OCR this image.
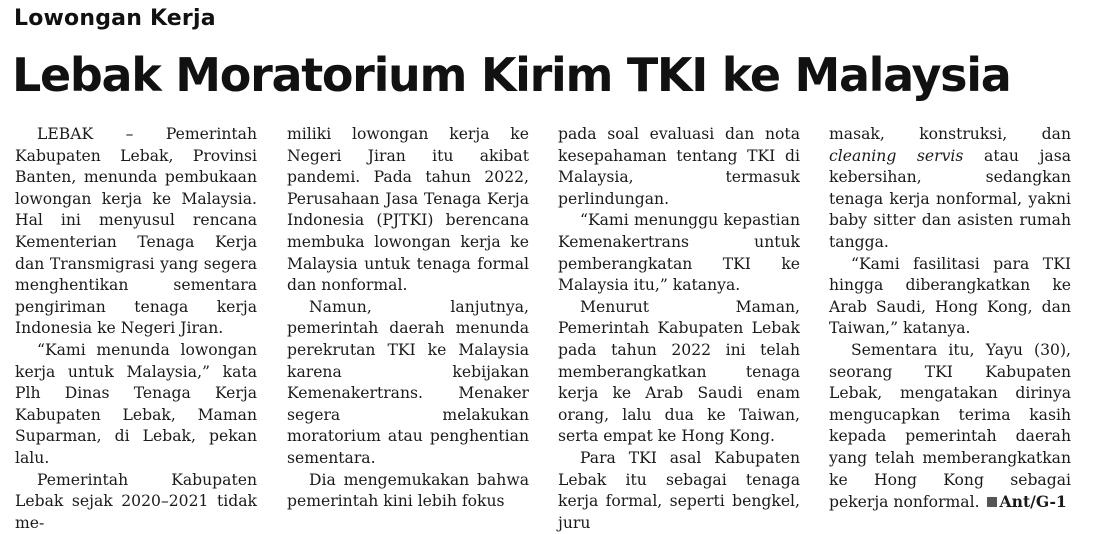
Lowongan Kerja
Lebak Moratorium Kirim TKI ke Malaysia

LEBAK – Pemerintah Kabupaten Lebak, Provinsi Banten, menunda pembukaan lowongan kerja ke Malaysia. Hal ini menyusul rencana Kementerian Tenaga Kerja dan Transmigrasi yang segera menghentikan sementara pengiriman tenaga kerja Indonesia ke Negeri Jiran.

“Kami menunda lowongan kerja untuk Malaysia,” kata Plh Dinas Tenaga Kerja Kabupaten Lebak, Maman Suparman, di Lebak, pekan lalu.

Pemerintah Kabupaten Lebak sejak 2020–2021 tidak me-

miliki lowongan kerja ke Negeri Jiran itu akibat pandemi. Pada tahun 2022, Perusahaan Jasa Tenaga Kerja Indonesia (PJTKI) berencana membuka lowongan kerja ke Malaysia untuk tenaga formal dan nonformal.

Namun, lanjutnya, pemerintah daerah menunda perekrutan TKI ke Malaysia karena kebijakan Kemenakertrans. Menaker segera melakukan moratorium atau penghentian sementara.

Dia mengemukakan bahwa pemerintah kini lebih fokus

pada soal evaluasi dan nota kesepahaman tentang TKI di Malaysia, termasuk perlindungan.

“Kami menunggu kepastian Kemenakertrans untuk pemberangkatan TKI ke Malaysia itu,” katanya.

Menurut Maman, Pemerintah Kabupaten Lebak pada tahun 2022 ini telah memberangkatkan tenaga kerja ke Arab Saudi enam orang, lalu dua ke Taiwan, serta empat ke Hong Kong.

Para TKI asal Kabupaten Lebak itu sebagai tenaga kerja formal, seperti bengkel, juru

masak, konstruksi, dan cleaning servis atau jasa kebersihan, sedangkan tenaga kerja nonformal, yakni baby sitter dan asisten rumah tangga.

“Kami fasilitasi para TKI hingga diberangkatkan ke Arab Saudi, Hong Kong, dan Taiwan,” katanya.

Sementara itu, Yayu (30), seorang TKI Kabupaten Lebak, mengatakan dirinya mengucapkan terima kasih kepada pemerintah daerah yang telah memberangkatkan ke Hong Kong sebagai pekerja nonformal. Ant/G-1
